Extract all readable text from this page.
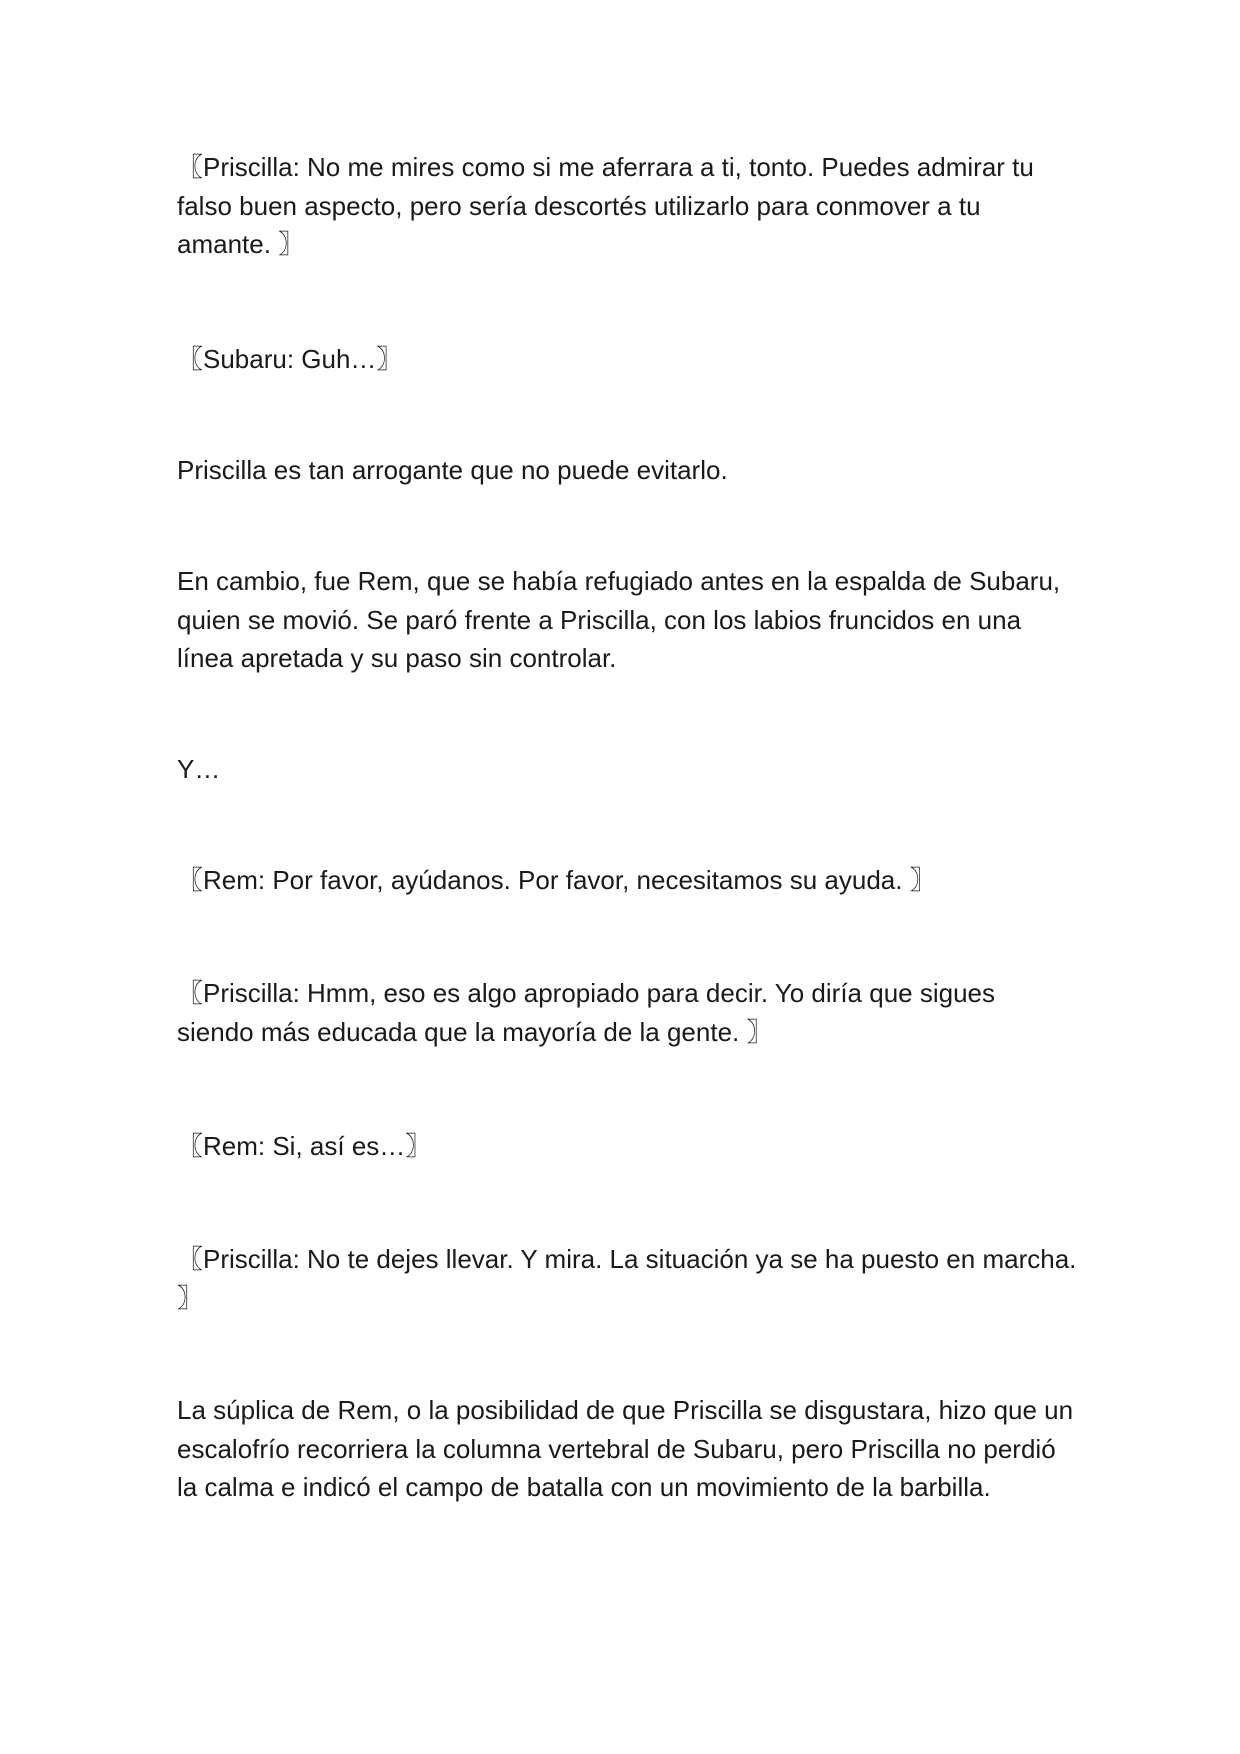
〖Priscilla: No me mires como si me aferrara a ti, tonto. Puedes admirar tu falso buen aspecto, pero sería descortés utilizarlo para conmover a tu amante. 〗

〖Subaru: Guh…〗

Priscilla es tan arrogante que no puede evitarlo.

En cambio, fue Rem, que se había refugiado antes en la espalda de Subaru, quien se movió. Se paró frente a Priscilla, con los labios fruncidos en una línea apretada y su paso sin controlar.

Y…

〖Rem: Por favor, ayúdanos. Por favor, necesitamos su ayuda. 〗

〖Priscilla: Hmm, eso es algo apropiado para decir. Yo diría que sigues siendo más educada que la mayoría de la gente. 〗

〖Rem: Si, así es…〗

〖Priscilla: No te dejes llevar. Y mira. La situación ya se ha puesto en marcha. 〗

La súplica de Rem, o la posibilidad de que Priscilla se disgustara, hizo que un escalofrío recorriera la columna vertebral de Subaru, pero Priscilla no perdió la calma e indicó el campo de batalla con un movimiento de la barbilla.
